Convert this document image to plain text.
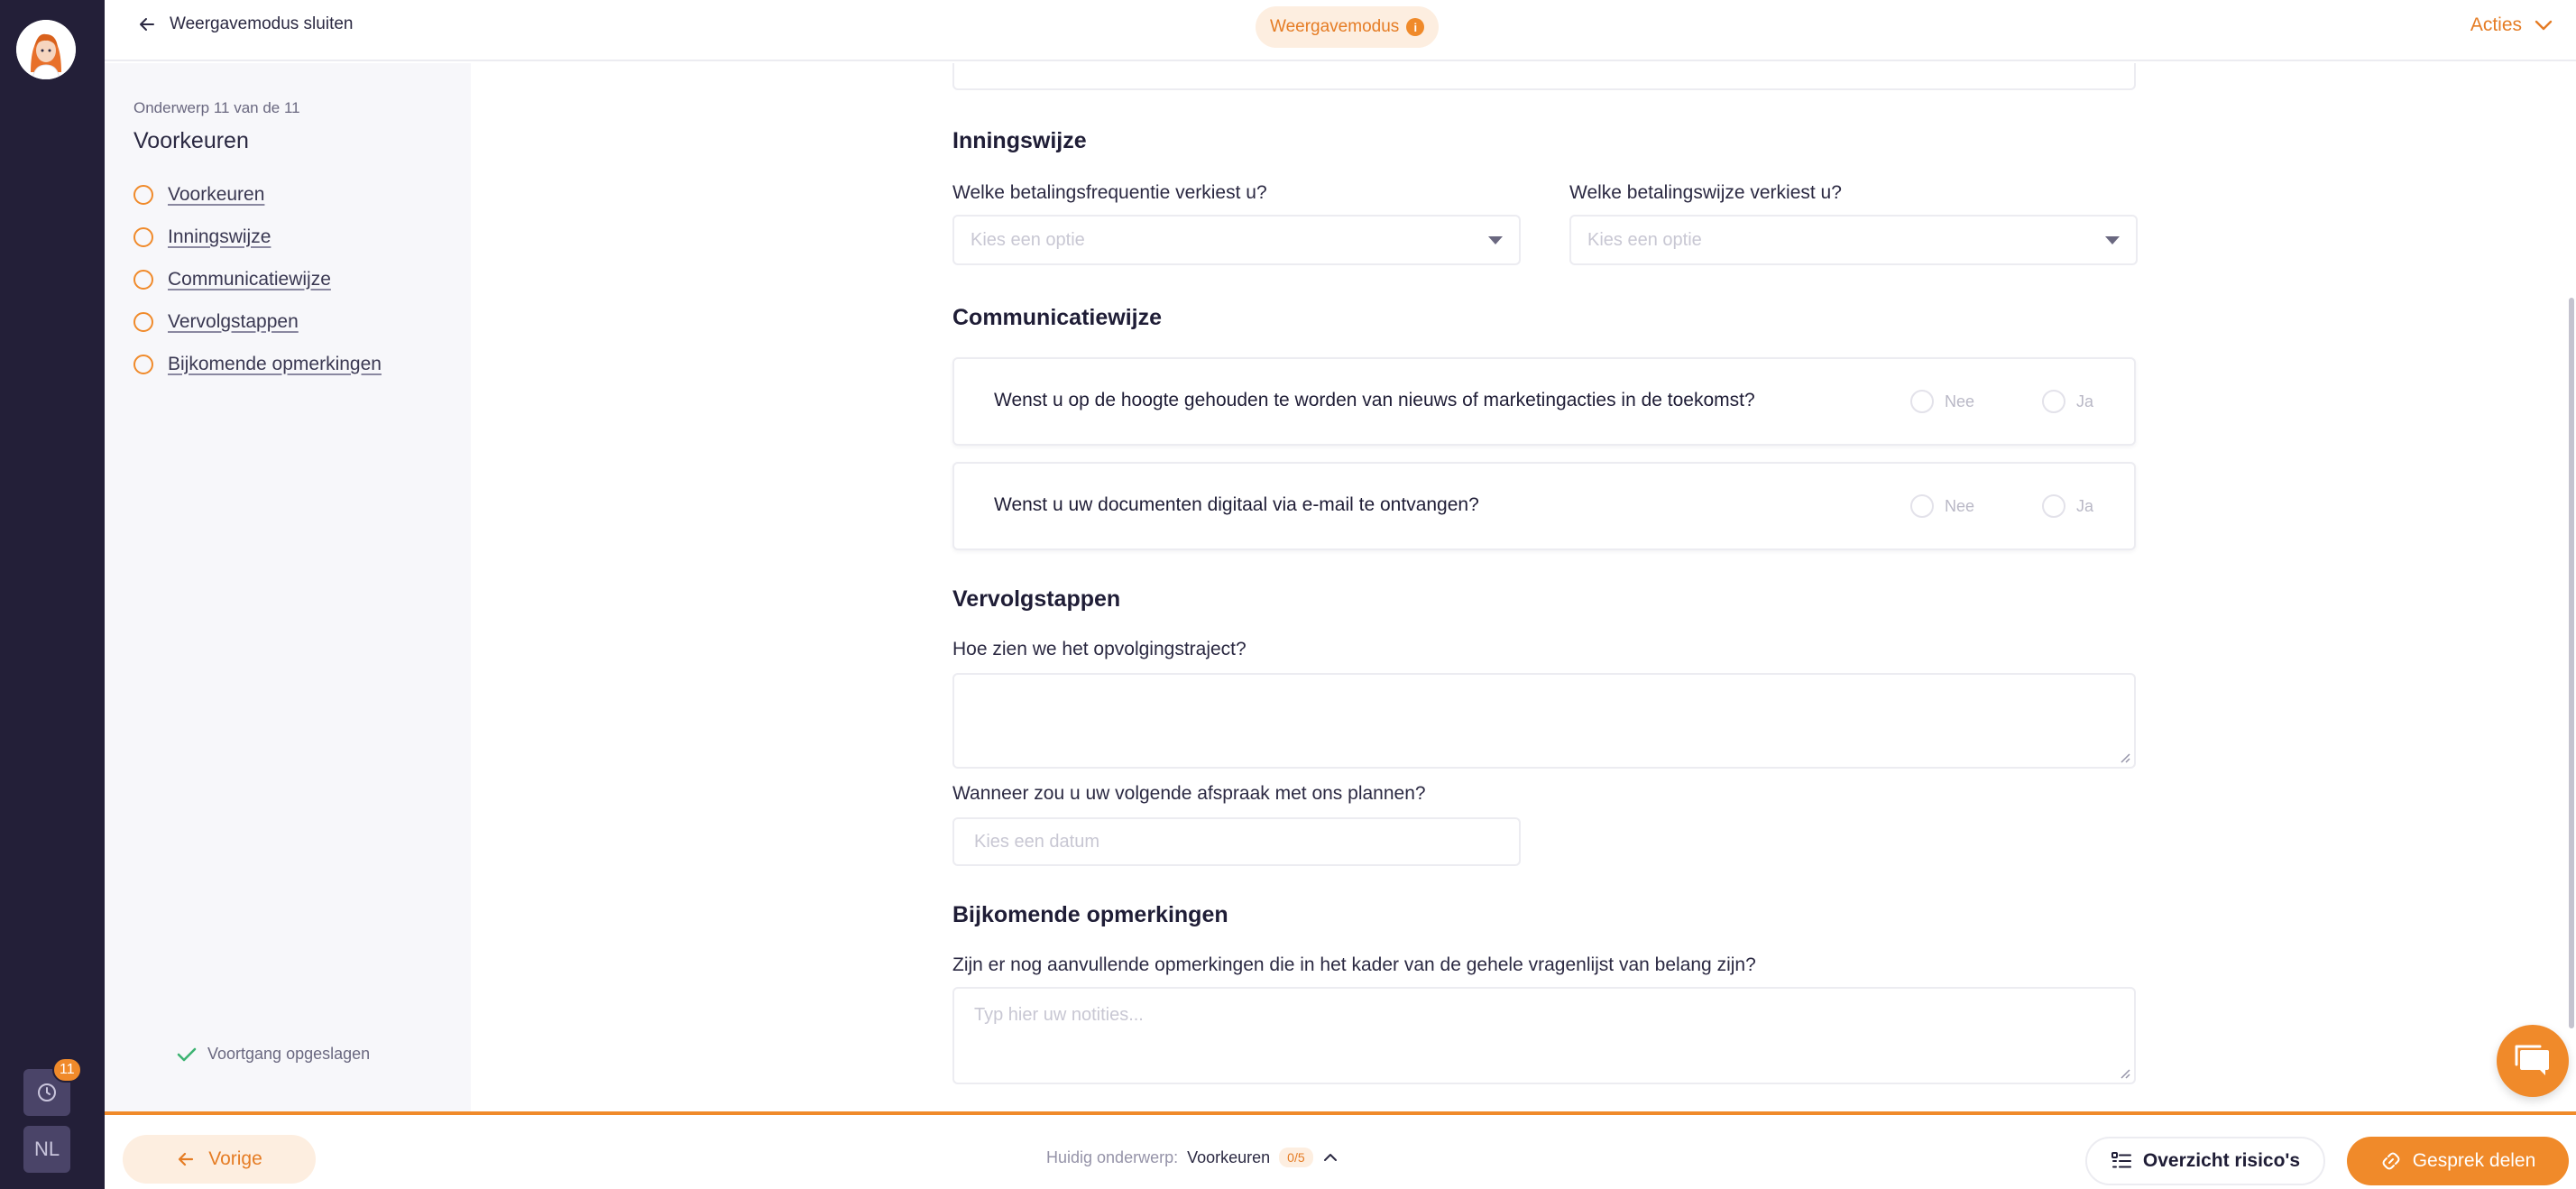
11
NL
Weergavemodus sluiten	Weergavemodus	i	Acties
Onderwerp 11 van de 11
Voorkeuren
Voorkeuren
Inningswijze
Communicatiewijze
Vervolgstappen
Bijkomende opmerkingen
Voortgang opgeslagen
Inningswijze
Welke betalingsfrequentie verkiest u?	Welke betalingswijze verkiest u?
Kies een optie	Kies een optie
Communicatiewijze
Wenst u op de hoogte gehouden te worden van nieuws of marketingacties in de toekomst?	Nee	Ja
Wenst u uw documenten digitaal via e-mail te ontvangen?	Nee	Ja
Vervolgstappen
Hoe zien we het opvolgingstraject?
Wanneer zou u uw volgende afspraak met ons plannen?
Kies een datum
Bijkomende opmerkingen
Zijn er nog aanvullende opmerkingen die in het kader van de gehele vragenlijst van belang zijn?
Typ hier uw notities...
Vorige	Huidig onderwerp: Voorkeuren	0/5	Overzicht risico's	Gesprek delen
